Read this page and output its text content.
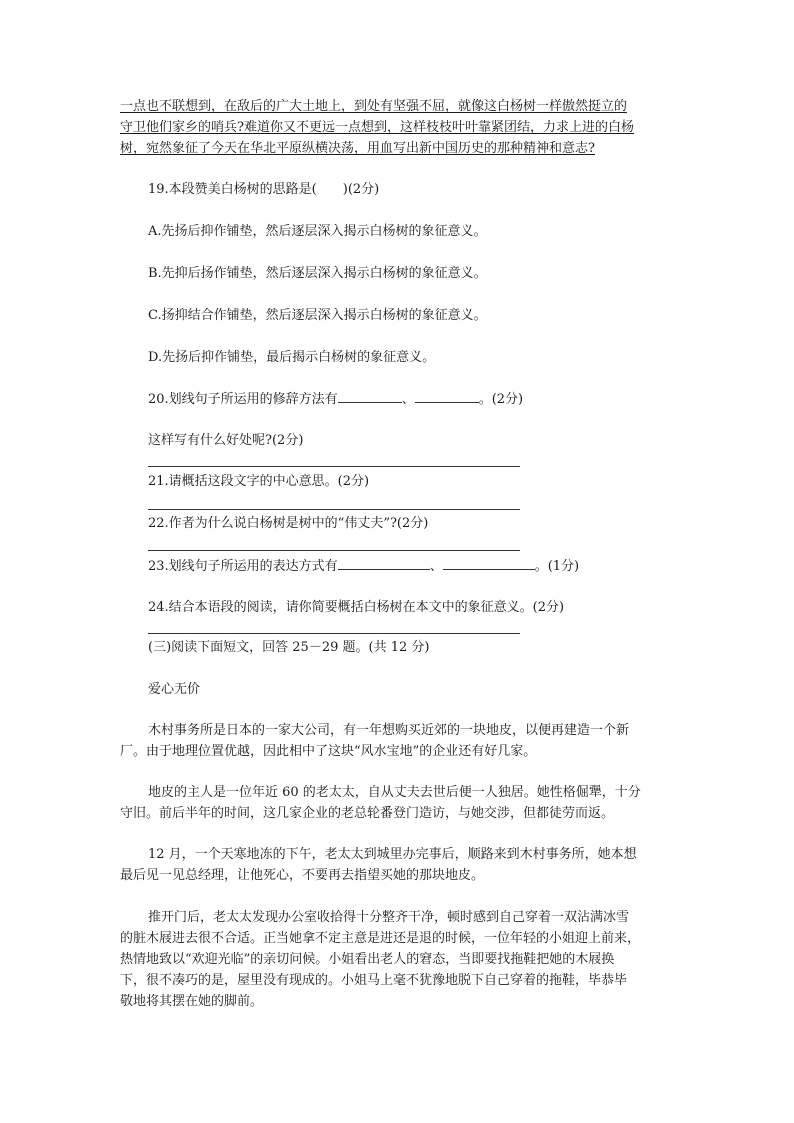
一点也不联想到，在敌后的广大土地上，到处有坚强不屈，就像这白杨树一样傲然挺立的
守卫他们家乡的哨兵?难道你又不更远一点想到，这样枝枝叶叶靠紧团结，力求上进的白杨
树，宛然象征了今天在华北平原纵横决荡，用血写出新中国历史的那种精神和意志?
19.本段赞美白杨树的思路是(　　)(2分)
A.先扬后抑作铺垫，然后逐层深入揭示白杨树的象征意义。
B.先抑后扬作铺垫，然后逐层深入揭示白杨树的象征意义。
C.扬抑结合作铺垫，然后逐层深入揭示白杨树的象征意义。
D.先扬后抑作铺垫，最后揭示白杨树的象征意义。
20.划线句子所运用的修辞方法有	、	。(2分)
这样写有什么好处呢?(2分)
21.请概括这段文字的中心意思。(2分)
22.作者为什么说白杨树是树中的“伟丈夫”?(2分)
23.划线句子所运用的表达方式有	、	。(1分)
24.结合本语段的阅读，请你简要概括白杨树在本文中的象征意义。(2分)
(三)阅读下面短文，回答 25－29 题。(共 12 分)
爱心无价
木村事务所是日本的一家大公司，有一年想购买近郊的一块地皮，以便再建造一个新
厂。由于地理位置优越，因此相中了这块“风水宝地”的企业还有好几家。
地皮的主人是一位年近 60 的老太太，自从丈夫去世后便一人独居。她性格倔犟，十分
守旧。前后半年的时间，这几家企业的老总轮番登门造访，与她交涉，但都徒劳而返。
12 月，一个天寒地冻的下午，老太太到城里办完事后，顺路来到木村事务所，她本想
最后见一见总经理，让他死心，不要再去指望买她的那块地皮。
推开门后，老太太发现办公室收拾得十分整齐干净，顿时感到自己穿着一双沾满冰雪
的脏木屐进去很不合适。正当她拿不定主意是进还是退的时候，一位年轻的小姐迎上前来，
热情地致以“欢迎光临”的亲切问候。小姐看出老人的窘态，当即要找拖鞋把她的木屐换
下，很不凑巧的是，屋里没有现成的。小姐马上毫不犹豫地脱下自己穿着的拖鞋，毕恭毕
敬地将其摆在她的脚前。
